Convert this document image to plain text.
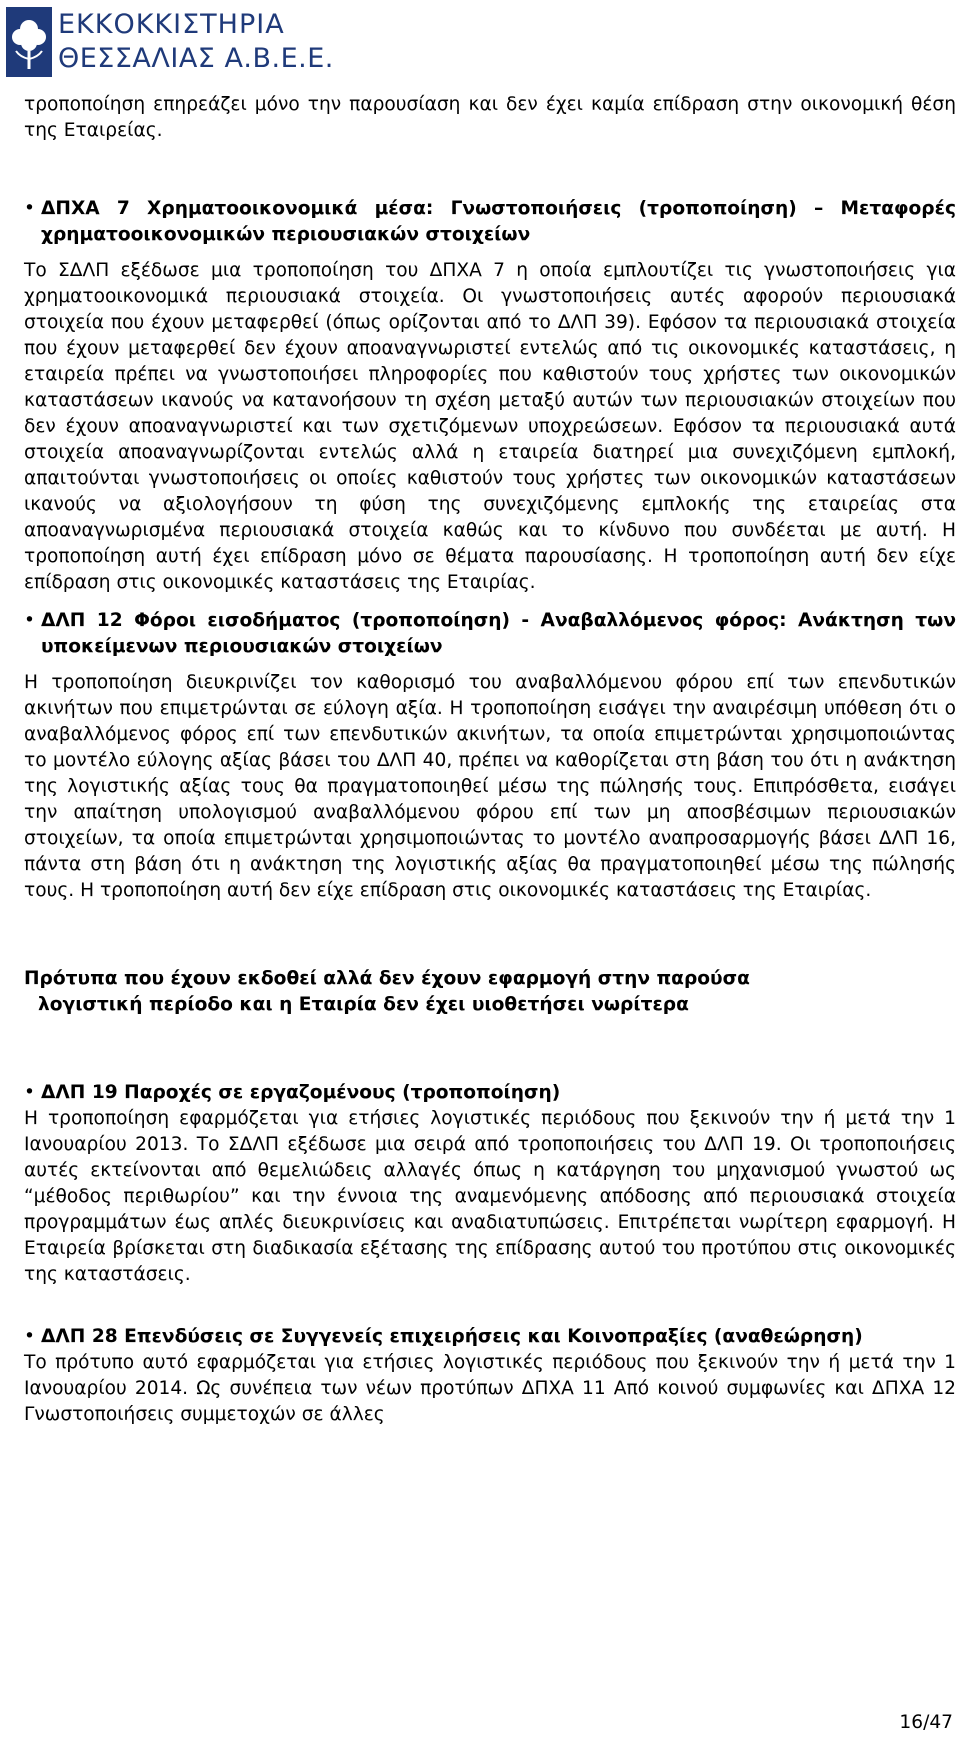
ΕΚΚΟΚΚΙΣΤΗΡΙΑ
ΘΕΣΣΑΛΙΑΣ Α.Β.Ε.Ε.

τροποποίηση επηρεάζει μόνο την παρουσίαση και δεν έχει καμία επίδραση στην οικονομική θέση της Εταιρείας.

• ΔΠΧΑ 7 Χρηματοοικονομικά μέσα: Γνωστοποιήσεις (τροποποίηση) – Μεταφορές χρηματοοικονομικών περιουσιακών στοιχείων

Το ΣΔΛΠ εξέδωσε μια τροποποίηση του ΔΠΧΑ 7 η οποία εμπλουτίζει τις γνωστοποιήσεις για χρηματοοικονομικά περιουσιακά στοιχεία. Οι γνωστοποιήσεις αυτές αφορούν περιουσιακά στοιχεία που έχουν μεταφερθεί (όπως ορίζονται από το ΔΛΠ 39). Εφόσον τα περιουσιακά στοιχεία που έχουν μεταφερθεί δεν έχουν αποαναγνωριστεί εντελώς από τις οικονομικές καταστάσεις, η εταιρεία πρέπει να γνωστοποιήσει πληροφορίες που καθιστούν τους χρήστες των οικονομικών καταστάσεων ικανούς να κατανοήσουν τη σχέση μεταξύ αυτών των περιουσιακών στοιχείων που δεν έχουν αποαναγνωριστεί και των σχετιζόμενων υποχρεώσεων. Εφόσον τα περιουσιακά αυτά στοιχεία αποαναγνωρίζονται εντελώς αλλά η εταιρεία διατηρεί μια συνεχιζόμενη εμπλοκή, απαιτούνται γνωστοποιήσεις οι οποίες καθιστούν τους χρήστες των οικονομικών καταστάσεων ικανούς να αξιολογήσουν τη φύση της συνεχιζόμενης εμπλοκής της εταιρείας στα αποαναγνωρισμένα περιουσιακά στοιχεία καθώς και το κίνδυνο που συνδέεται με αυτή. Η τροποποίηση αυτή έχει επίδραση μόνο σε θέματα παρουσίασης. Η τροποποίηση αυτή δεν είχε επίδραση στις οικονομικές καταστάσεις της Εταιρίας.

• ΔΛΠ 12 Φόροι εισοδήματος (τροποποίηση) - Αναβαλλόμενος φόρος: Ανάκτηση των υποκείμενων περιουσιακών στοιχείων

Η τροποποίηση διευκρινίζει τον καθορισμό του αναβαλλόμενου φόρου επί των επενδυτικών ακινήτων που επιμετρώνται σε εύλογη αξία. Η τροποποίηση εισάγει την αναιρέσιμη υπόθεση ότι ο αναβαλλόμενος φόρος επί των επενδυτικών ακινήτων, τα οποία επιμετρώνται χρησιμοποιώντας το μοντέλο εύλογης αξίας βάσει του ΔΛΠ 40, πρέπει να καθορίζεται στη βάση του ότι η ανάκτηση της λογιστικής αξίας τους θα πραγματοποιηθεί μέσω της πώλησής τους. Επιπρόσθετα, εισάγει την απαίτηση υπολογισμού αναβαλλόμενου φόρου επί των μη αποσβέσιμων περιουσιακών στοιχείων, τα οποία επιμετρώνται χρησιμοποιώντας το μοντέλο αναπροσαρμογής βάσει ΔΛΠ 16, πάντα στη βάση ότι η ανάκτηση της λογιστικής αξίας θα πραγματοποιηθεί μέσω της πώλησής τους. Η τροποποίηση αυτή δεν είχε επίδραση στις οικονομικές καταστάσεις της Εταιρίας.

Πρότυπα που έχουν εκδοθεί αλλά δεν έχουν εφαρμογή στην παρούσα
λογιστική περίοδο και η Εταιρία δεν έχει υιοθετήσει νωρίτερα

• ΔΛΠ 19 Παροχές σε εργαζομένους (τροποποίηση)

Η τροποποίηση εφαρμόζεται για ετήσιες λογιστικές περιόδους που ξεκινούν την ή μετά την 1 Ιανουαρίου 2013. Το ΣΔΛΠ εξέδωσε μια σειρά από τροποποιήσεις του ΔΛΠ 19. Οι τροποποιήσεις αυτές εκτείνονται από θεμελιώδεις αλλαγές όπως η κατάργηση του μηχανισμού γνωστού ως “μέθοδος περιθωρίου” και την έννοια της αναμενόμενης απόδοσης από περιουσιακά στοιχεία προγραμμάτων έως απλές διευκρινίσεις και αναδιατυπώσεις. Επιτρέπεται νωρίτερη εφαρμογή. Η Εταιρεία βρίσκεται στη διαδικασία εξέτασης της επίδρασης αυτού του προτύπου στις οικονομικές της καταστάσεις.

• ΔΛΠ 28 Επενδύσεις σε Συγγενείς επιχειρήσεις και Κοινοπραξίες (αναθεώρηση)

Το πρότυπο αυτό εφαρμόζεται για ετήσιες λογιστικές περιόδους που ξεκινούν την ή μετά την 1 Ιανουαρίου 2014. Ως συνέπεια των νέων προτύπων ΔΠΧΑ 11 Από κοινού συμφωνίες και ΔΠΧΑ 12 Γνωστοποιήσεις συμμετοχών σε άλλες

16/47
